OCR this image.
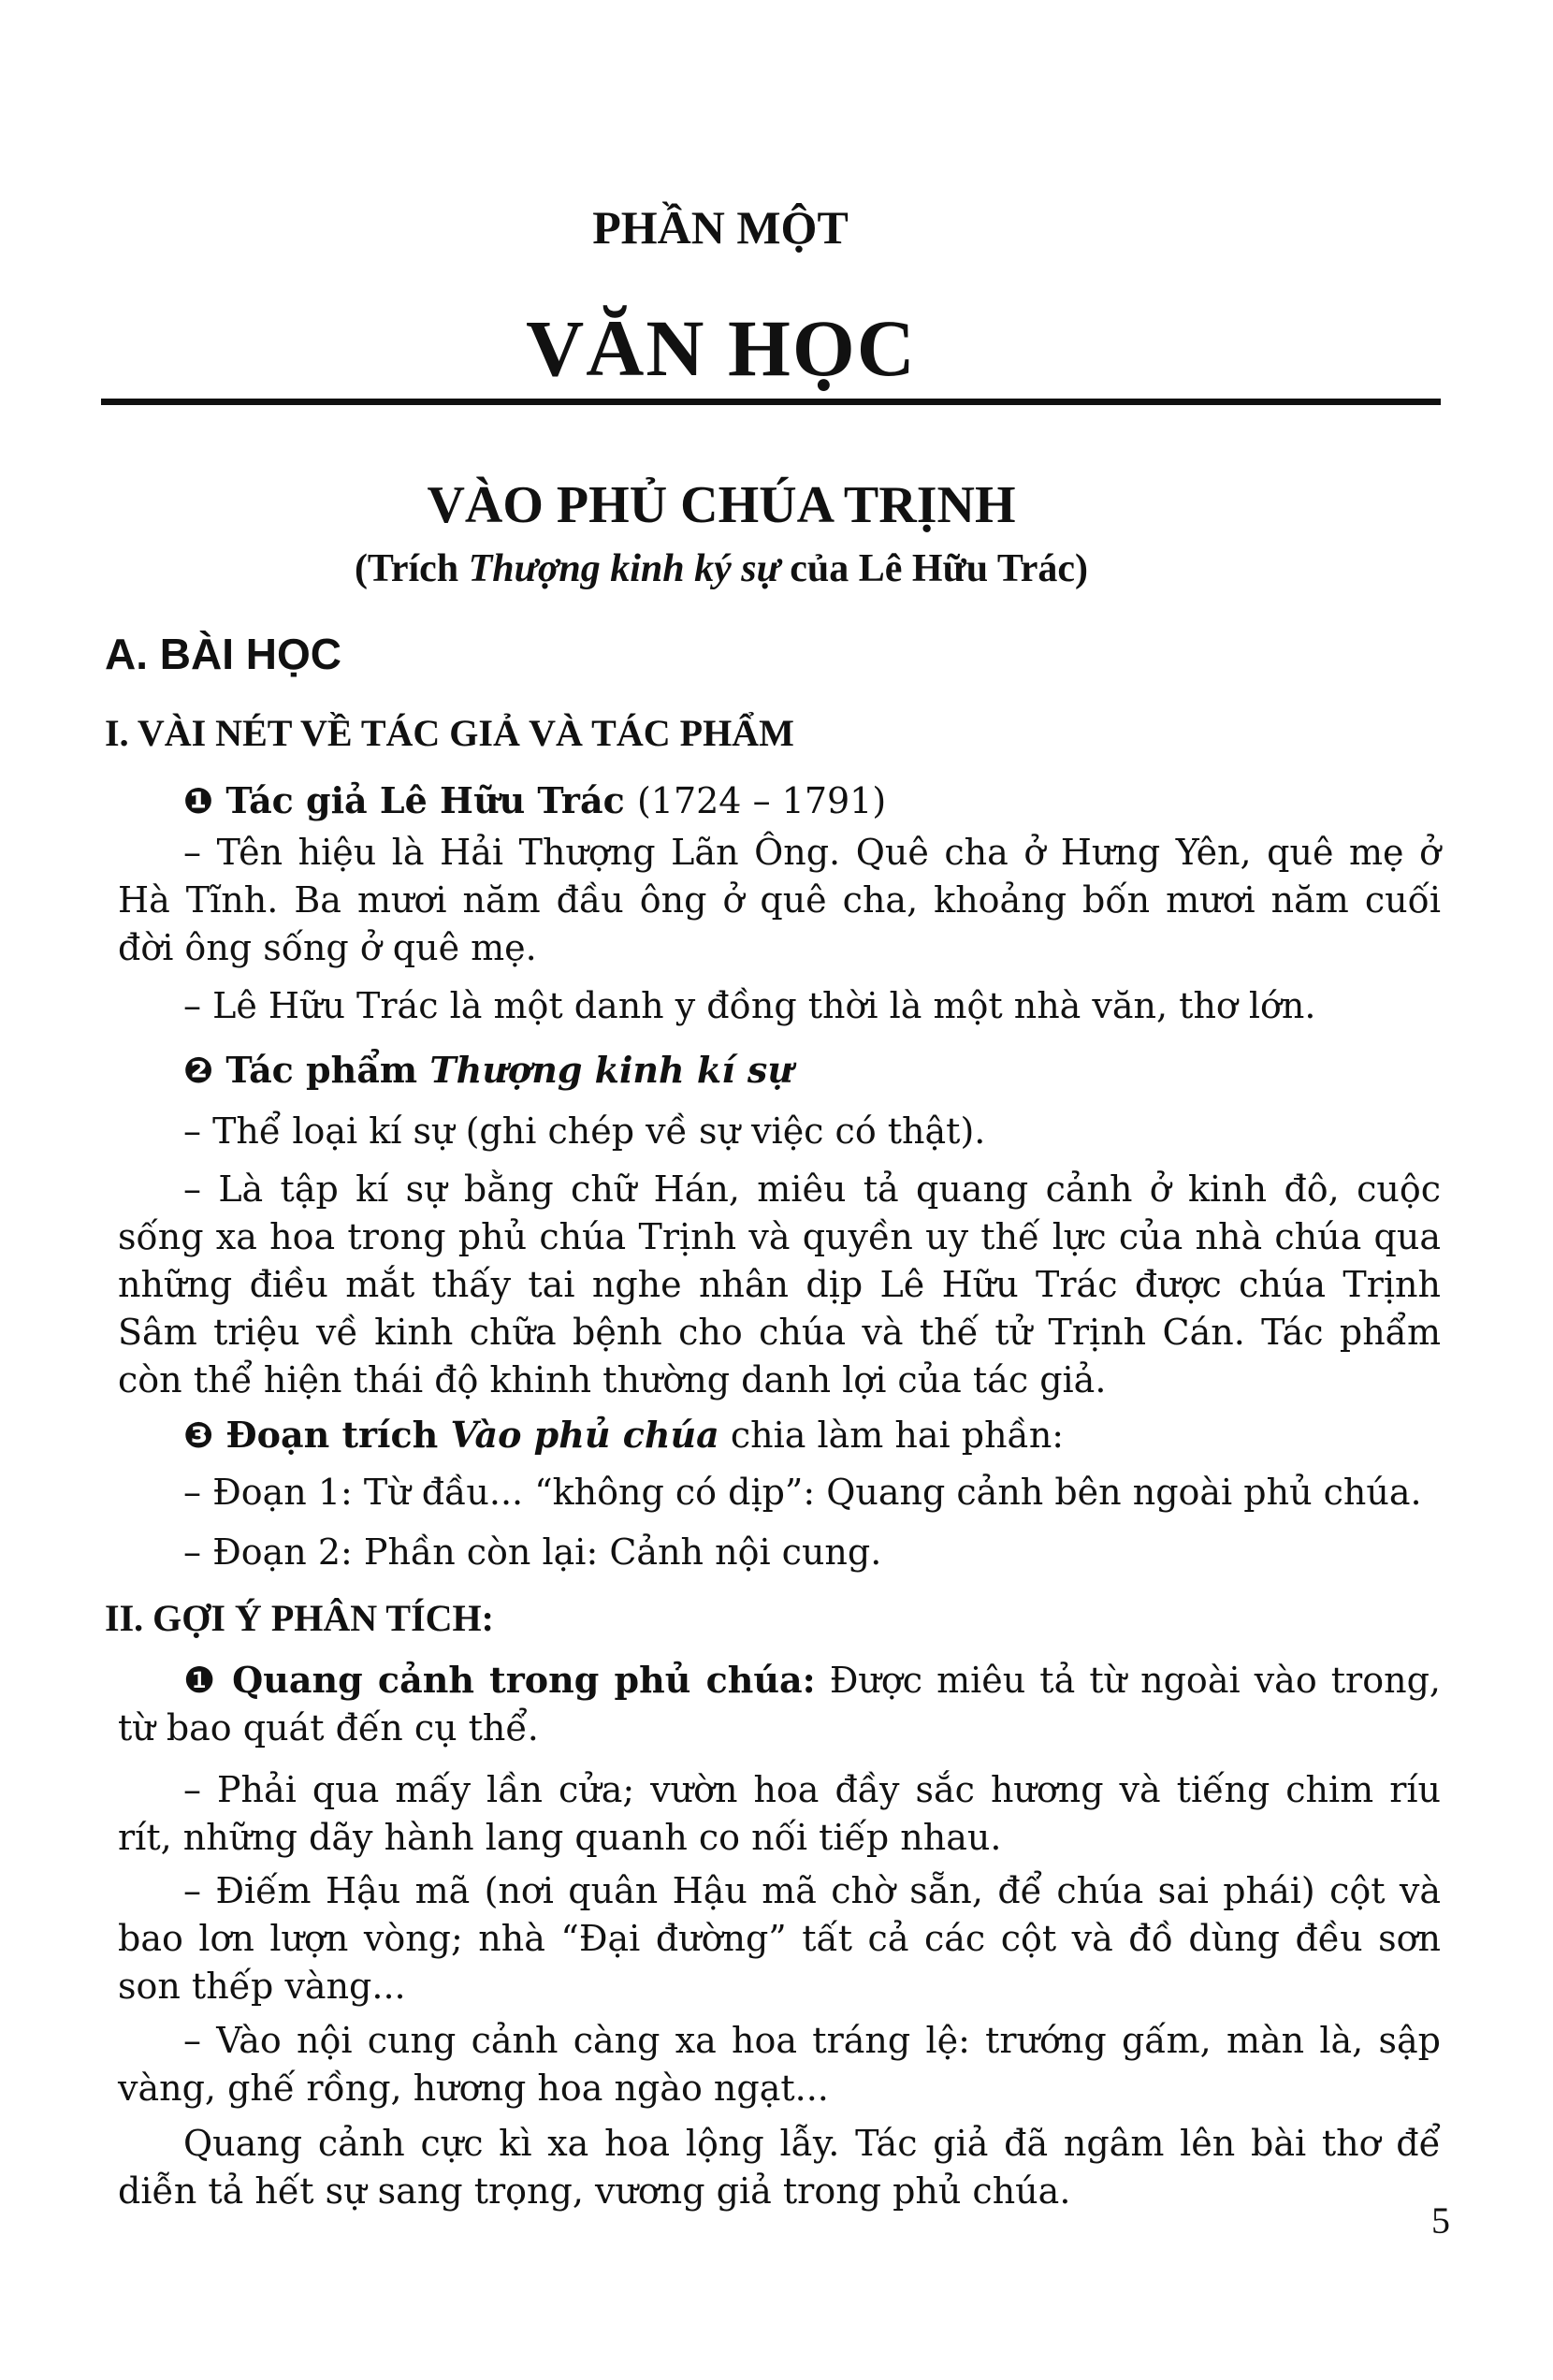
PHẦN MỘT
VĂN HỌC
VÀO PHỦ CHÚA TRỊNH
(Trích Thượng kinh ký sự của Lê Hữu Trác)
A. BÀI HỌC
I. VÀI NÉT VỀ TÁC GIẢ VÀ TÁC PHẨM
❶ Tác giả Lê Hữu Trác (1724 – 1791)
– Tên hiệu là Hải Thượng Lãn Ông. Quê cha ở Hưng Yên, quê mẹ ở Hà Tĩnh. Ba mươi năm đầu ông ở quê cha, khoảng bốn mươi năm cuối đời ông sống ở quê mẹ.
– Lê Hữu Trác là một danh y đồng thời là một nhà văn, thơ lớn.
❷ Tác phẩm Thượng kinh kí sự
– Thể loại kí sự (ghi chép về sự việc có thật).
– Là tập kí sự bằng chữ Hán, miêu tả quang cảnh ở kinh đô, cuộc sống xa hoa trong phủ chúa Trịnh và quyền uy thế lực của nhà chúa qua những điều mắt thấy tai nghe nhân dịp Lê Hữu Trác được chúa Trịnh Sâm triệu về kinh chữa bệnh cho chúa và thế tử Trịnh Cán. Tác phẩm còn thể hiện thái độ khinh thường danh lợi của tác giả.
❸ Đoạn trích Vào phủ chúa chia làm hai phần:
– Đoạn 1: Từ đầu... “không có dịp”: Quang cảnh bên ngoài phủ chúa.
– Đoạn 2: Phần còn lại: Cảnh nội cung.
II. GỢI Ý PHÂN TÍCH:
❶ Quang cảnh trong phủ chúa: Được miêu tả từ ngoài vào trong, từ bao quát đến cụ thể.
– Phải qua mấy lần cửa; vườn hoa đầy sắc hương và tiếng chim ríu rít, những dãy hành lang quanh co nối tiếp nhau.
– Điếm Hậu mã (nơi quân Hậu mã chờ sẵn, để chúa sai phái) cột và bao lơn lượn vòng; nhà “Đại đường” tất cả các cột và đồ dùng đều sơn son thếp vàng...
– Vào nội cung cảnh càng xa hoa tráng lệ: trướng gấm, màn là, sập vàng, ghế rồng, hương hoa ngào ngạt...
Quang cảnh cực kì xa hoa lộng lẫy. Tác giả đã ngâm lên bài thơ để diễn tả hết sự sang trọng, vương giả trong phủ chúa.
5
